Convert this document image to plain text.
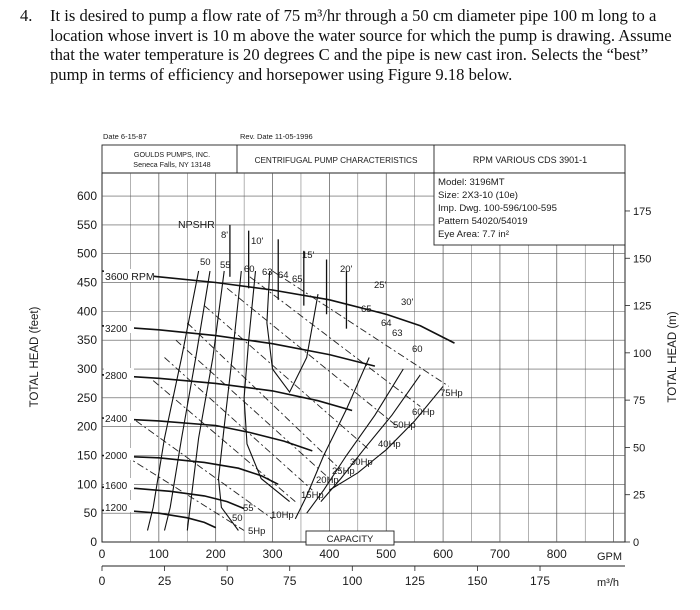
4. It is desired to pump a flow rate of 75 m³/hr through a 50 cm diameter pipe 100 m long to a location whose invert is 10 m above the water source for which the pump is drawing. Assume that the water temperature is 20 degrees C and the pipe is new cast iron. Selects the “best” pump in terms of efficiency and horsepower using Figure 9.18 below.
Date 6-15-87	Rev. Date 11-05-1996
GOULDS PUMPS, INC.
Seneca Falls, NY 13148	CENTRIFUGAL PUMP CHARACTERISTICS	RPM VARIOUS CDS 3901-1
Model: 3196MT
Size: 2X3-10 (10e)
Imp. Dwg. 100-596/100-595
Pattern 54020/54019
Eye Area: 7.7 in²
TOTAL HEAD (feet)	TOTAL HEAD (m)
0
50
100
150
200
250
300
350
400
450
500
550
600
0
25
50
75
100
125
150
175
0	100	200	300	400	500	600	700	800
0	25	50	75	100	125	150	175
GPM
m³/h
CAPACITY
3600 RPM
3200
2800
2400
2000
1600
1200
NPSHR
8'
10'
15'
20'
25'
30'
50 55 60 63 64 65
65
64
63
60
55
50
5Hp
10Hp
15Hp
20Hp
25Hp
30Hp
40Hp
50Hp
60Hp
75Hp
